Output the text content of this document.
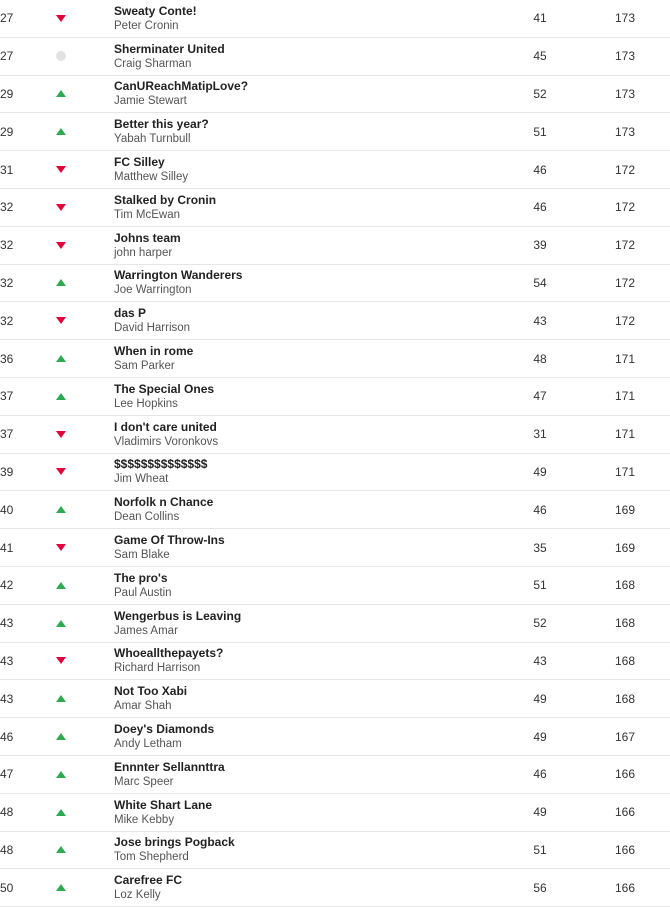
27		Sweaty Conte!
Peter Cronin	41	173
27		Sherminater United
Craig Sharman	45	173
29		CanUReachMatipLove?
Jamie Stewart	52	173
29		Better this year?
Yabah Turnbull	51	173
31		FC Silley
Matthew Silley	46	172
32		Stalked by Cronin
Tim McEwan	46	172
32		Johns team
john harper	39	172
32		Warrington Wanderers
Joe Warrington	54	172
32		das P
David Harrison	43	172
36		When in rome
Sam Parker	48	171
37		The Special Ones
Lee Hopkins	47	171
37		I don't care united
Vladimirs Voronkovs	31	171
39		$$$$$$$$$$$$$$
Jim Wheat	49	171
40		Norfolk n Chance
Dean Collins	46	169
41		Game Of Throw-Ins
Sam Blake	35	169
42		The pro's
Paul Austin	51	168
43		Wengerbus is Leaving
James Amar	52	168
43		Whoeallthepayets?
Richard Harrison	43	168
43		Not Too Xabi
Amar Shah	49	168
46		Doey's Diamonds
Andy Letham	49	167
47		Ennnter Sellannttra
Marc Speer	46	166
48		White Shart Lane
Mike Kebby	49	166
48		Jose brings Pogback
Tom Shepherd	51	166
50		Carefree FC
Loz Kelly	56	166
